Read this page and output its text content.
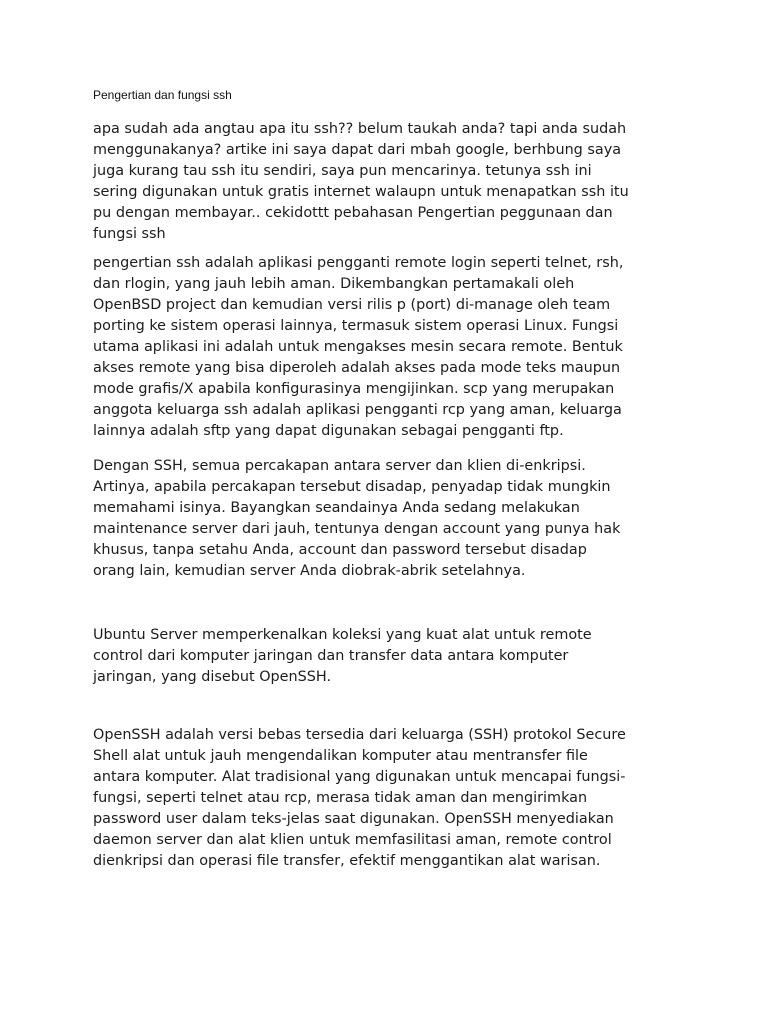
Pengertian dan fungsi ssh

apa sudah ada angtau apa itu ssh?? belum taukah anda? tapi anda sudah
menggunakanya? artike ini saya dapat dari mbah google, berhbung saya
juga kurang tau ssh itu sendiri, saya pun mencarinya. tetunya ssh ini
sering digunakan untuk gratis internet walaupn untuk menapatkan ssh itu
pu dengan membayar.. cekidottt pebahasan Pengertian peggunaan dan
fungsi ssh

pengertian ssh adalah aplikasi pengganti remote login seperti telnet, rsh,
dan rlogin, yang jauh lebih aman. Dikembangkan pertamakali oleh
OpenBSD project dan kemudian versi rilis p (port) di-manage oleh team
porting ke sistem operasi lainnya, termasuk sistem operasi Linux. Fungsi
utama aplikasi ini adalah untuk mengakses mesin secara remote. Bentuk
akses remote yang bisa diperoleh adalah akses pada mode teks maupun
mode grafis/X apabila konfigurasinya mengijinkan. scp yang merupakan
anggota keluarga ssh adalah aplikasi pengganti rcp yang aman, keluarga
lainnya adalah sftp yang dapat digunakan sebagai pengganti ftp.

Dengan SSH, semua percakapan antara server dan klien di-enkripsi.
Artinya, apabila percakapan tersebut disadap, penyadap tidak mungkin
memahami isinya. Bayangkan seandainya Anda sedang melakukan
maintenance server dari jauh, tentunya dengan account yang punya hak
khusus, tanpa setahu Anda, account dan password tersebut disadap
orang lain, kemudian server Anda diobrak-abrik setelahnya.

Ubuntu Server memperkenalkan koleksi yang kuat alat untuk remote
control dari komputer jaringan dan transfer data antara komputer
jaringan, yang disebut OpenSSH.

OpenSSH adalah versi bebas tersedia dari keluarga (SSH) protokol Secure
Shell alat untuk jauh mengendalikan komputer atau mentransfer file
antara komputer. Alat tradisional yang digunakan untuk mencapai fungsi-
fungsi, seperti telnet atau rcp, merasa tidak aman dan mengirimkan
password user dalam teks-jelas saat digunakan. OpenSSH menyediakan
daemon server dan alat klien untuk memfasilitasi aman, remote control
dienkripsi dan operasi file transfer, efektif menggantikan alat warisan.
